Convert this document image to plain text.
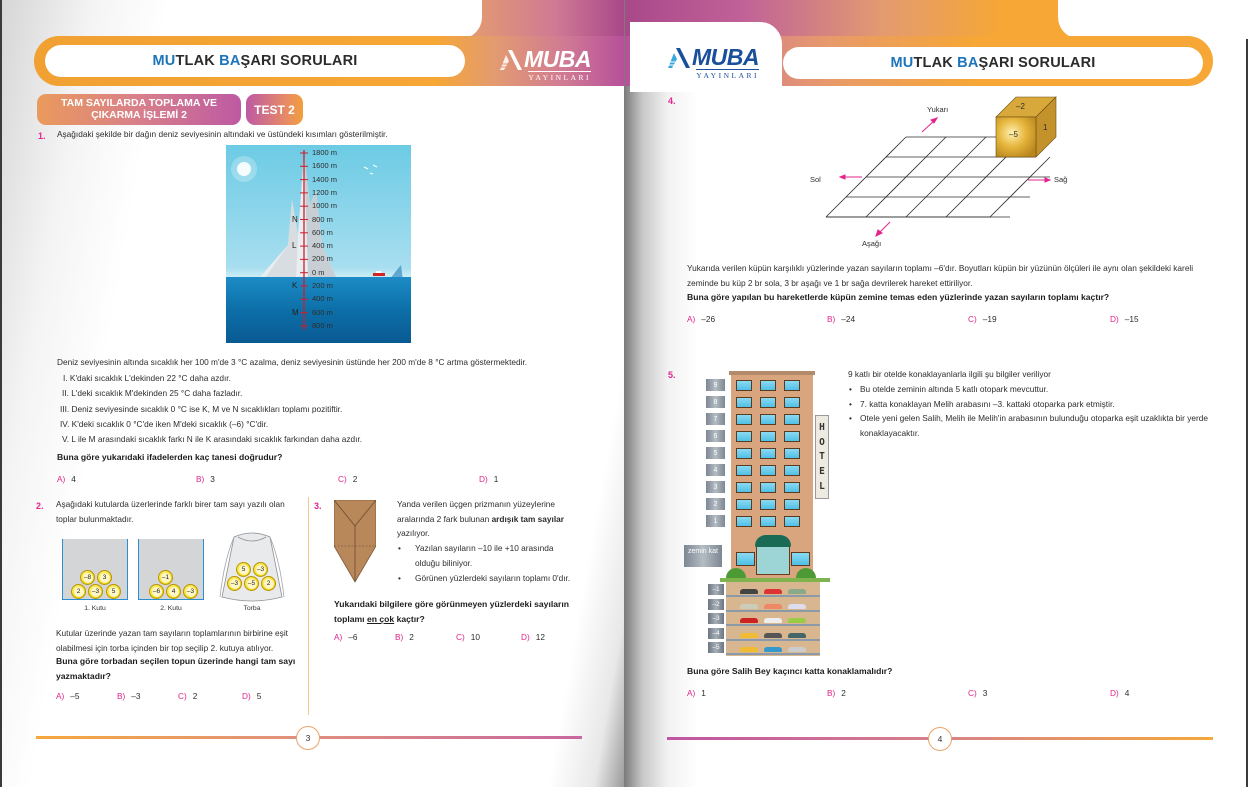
MU TLAK
BA ŞARI SORULARI	MUBA
YAYINLARI
MU TLAK
BA ŞARI SORULARI
MUBA
YAYINLARI
TAM SAYILARDA TOPLAMA VE ÇIKARMA İŞLEMİ 2	TEST 2
1. Aşağıdaki şekilde bir dağın deniz seviyesinin altındaki ve üstündeki kısımları gösterilmiştir.
1800 m
1600 m
1400 m
1200 m
1000 m
800 m
600 m
400 m
200 m
0 m
200 m
400 m
600 m
800 m
N
L
K
M
Deniz seviyesinin altında sıcaklık her 100 m'de 3 °C azalma, deniz seviyesinin üstünde her 200 m'de 8 °C artma göstermektedir.
I. K'daki sıcaklık L'dekinden 22 °C daha azdır.
II. L'deki sıcaklık M'dekinden 25 °C daha fazladır.
III. Deniz seviyesinde sıcaklık 0 °C ise K, M ve N sıcaklıkları toplamı pozitiftir.
IV. K'deki sıcaklık 0 °C'de iken M'deki sıcaklık (–6) °C'dir.
V. L ile M arasındaki sıcaklık farkı N ile K arasındaki sıcaklık farkından daha azdır.
Buna göre yukarıdaki ifadelerden kaç tanesi doğrudur?
A) 4	B) 3	C) 2	D) 1
2. Aşağıdaki kutularda üzerlerinde farklı birer tam sayı yazılı olan toplar bulunmaktadır.
–8	3
2	–3	5
1. Kutu
–1
–6	4	–3
2. Kutu
5	–3
–3 –5	2
Torba
Kutular üzerinde yazan tam sayıların toplamlarının birbirine eşit olabilmesi için torba içinden bir top seçilip 2. kutuya atılıyor.
Buna göre torbadan seçilen topun üzerinde hangi tam sayı yazmaktadır?
A) –5	B) –3	C) 2	D) 5
3.	Yanda verilen üçgen prizmanın yüzeylerine aralarında 2 fark bulunan ardışık tam sayılar yazılıyor.
• Yazılan sayıların –10 ile +10 arasında olduğu biliniyor.
• Görünen yüzlerdeki sayıların toplamı 0'dır.
Yukarıdaki bilgilere göre görünmeyen yüzlerdeki sayıların toplamı en çok kaçtır?
A) –6	B) 2	C) 10	D) 12
3
4.
Yukarı
Sol	Sağ
Aşağı
–2
–5
1
Yukarıda verilen küpün karşılıklı yüzlerinde yazan sayıların toplamı –6'dır. Boyutları küpün bir yüzünün ölçüleri ile aynı olan şekildeki kareli zeminde bu küp 2 br sola, 3 br aşağı ve 1 br sağa devrilerek hareket ettiriliyor.
Buna göre yapılan bu hareketlerde küpün zemine temas eden yüzlerinde yazan sayıların toplamı kaçtır?
A) –26	B) –24	C) –19	D) –15
5.
zemin kat
H
O
T
E
L
9
8
7
6
5
4
3
2
1
–1
–2
–3
–4
–5
9 katlı bir otelde konaklayanlarla ilgili şu bilgiler veriliyor
• Bu otelde zeminin altında 5 katlı otopark mevcuttur.
• 7. katta konaklayan Melih arabasını –3. kattaki otoparka park etmiştir.
• Otele yeni gelen Salih, Melih ile Melih'in arabasının bulunduğu otoparka eşit uzaklıkta bir yerde konaklayacaktır.
Buna göre Salih Bey kaçıncı katta konaklamalıdır?
A) 1	B) 2	C) 3	D) 4
4
